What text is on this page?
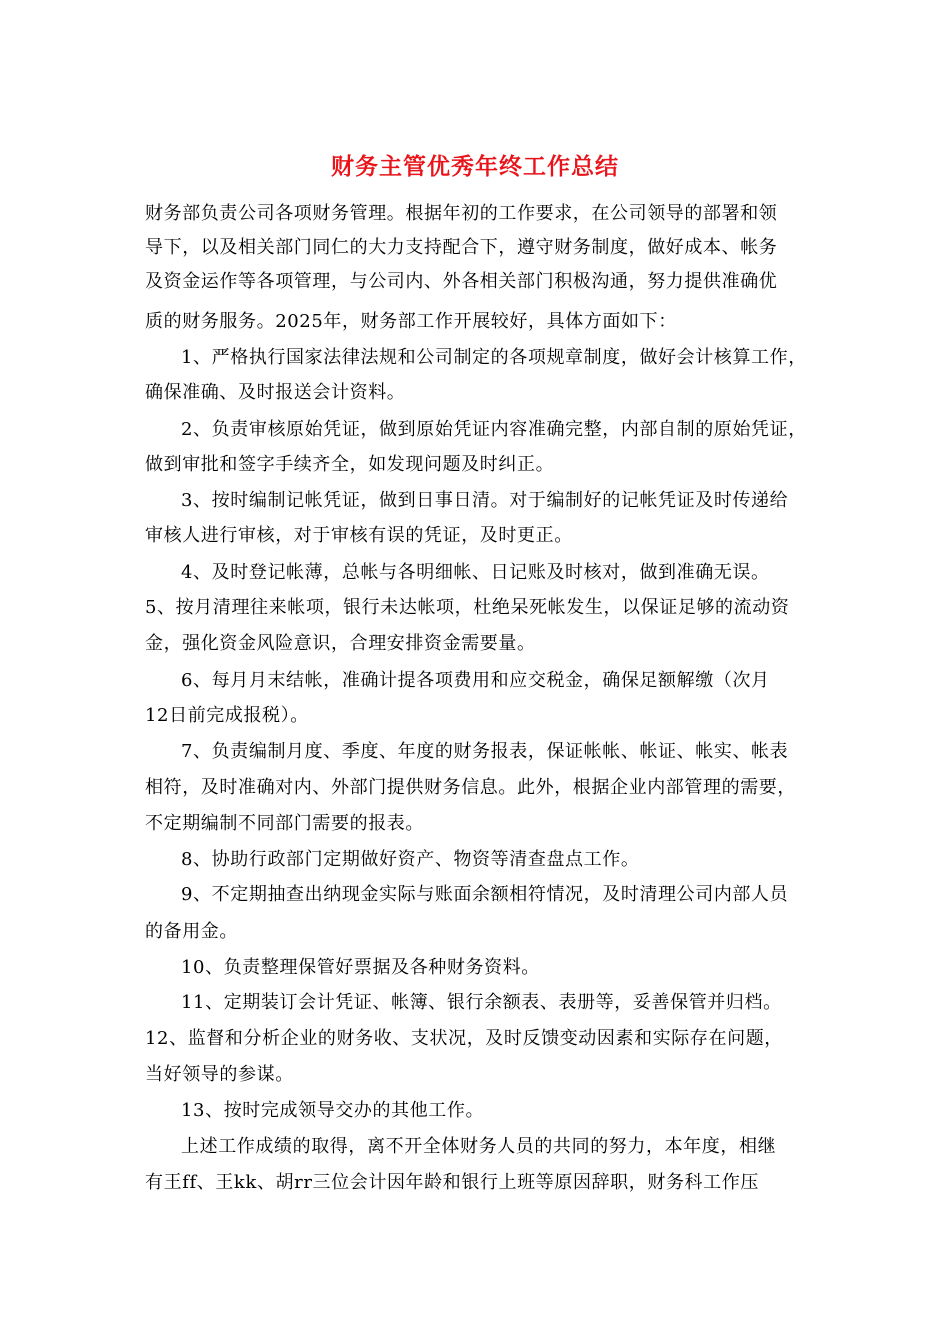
财务主管优秀年终工作总结
财务部负责公司各项财务管理。根据年初的工作要求，在公司领导的部署和领
导下，以及相关部门同仁的大力支持配合下，遵守财务制度，做好成本、帐务
及资金运作等各项管理，与公司内、外各相关部门积极沟通，努力提供准确优
质的财务服务。2025年，财务部工作开展较好，具体方面如下：
1、严格执行国家法律法规和公司制定的各项规章制度，做好会计核算工作，
确保准确、及时报送会计资料。
2、负责审核原始凭证，做到原始凭证内容准确完整，内部自制的原始凭证，
做到审批和签字手续齐全，如发现问题及时纠正。
3、按时编制记帐凭证，做到日事日清。对于编制好的记帐凭证及时传递给
审核人进行审核，对于审核有误的凭证，及时更正。
4、及时登记帐薄，总帐与各明细帐、日记账及时核对，做到准确无误。
5、按月清理往来帐项，银行未达帐项，杜绝呆死帐发生，以保证足够的流动资
金，强化资金风险意识，合理安排资金需要量。
6、每月月末结帐，准确计提各项费用和应交税金，确保足额解缴（次月
12日前完成报税）。
7、负责编制月度、季度、年度的财务报表，保证帐帐、帐证、帐实、帐表
相符，及时准确对内、外部门提供财务信息。此外，根据企业内部管理的需要，
不定期编制不同部门需要的报表。
8、协助行政部门定期做好资产、物资等清查盘点工作。
9、不定期抽查出纳现金实际与账面余额相符情况，及时清理公司内部人员
的备用金。
10、负责整理保管好票据及各种财务资料。
11、定期装订会计凭证、帐簿、银行余额表、表册等，妥善保管并归档。
12、监督和分析企业的财务收、支状况，及时反馈变动因素和实际存在问题，
当好领导的参谋。
13、按时完成领导交办的其他工作。
上述工作成绩的取得，离不开全体财务人员的共同的努力，本年度，相继
有王ff、王kk、胡rr三位会计因年龄和银行上班等原因辞职，财务科工作压
